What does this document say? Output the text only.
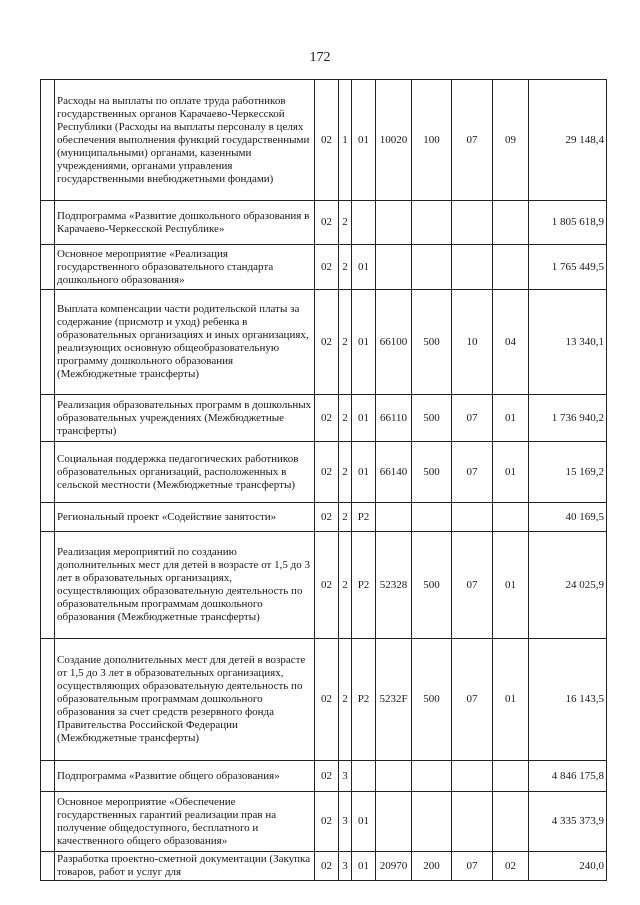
172
	Расходы на выплаты по оплате труда работников государственных органов Карачаево-Черкесской Республики (Расходы на выплаты персоналу в целях обеспечения выполнения функций государственными (муниципальными) органами, казенными учреждениями, органами управления государственными внебюджетными фондами)	02	1	01	10020	100	07	09	29 148,4
	Подпрограмма «Развитие дошкольного образования в Карачаево-Черкесской Республике»	02	2						1 805 618,9
	Основное мероприятие «Реализация государственного образовательного стандарта дошкольного образования»	02	2	01					1 765 449,5
	Выплата компенсации части родительской платы за содержание (присмотр и уход) ребенка в образовательных организациях и иных организациях, реализующих основную общеобразовательную программу дошкольного образования (Межбюджетные трансферты)	02	2	01	66100	500	10	04	13 340,1
	Реализация образовательных программ в дошкольных образовательных учреждениях (Межбюджетные трансферты)	02	2	01	66110	500	07	01	1 736 940,2
	Социальная поддержка педагогических работников образовательных организаций, расположенных в сельской местности (Межбюджетные трансферты)	02	2	01	66140	500	07	01	15 169,2
	Региональный проект «Содействие занятости»	02	2	P2					40 169,5
	Реализация мероприятий по созданию дополнительных мест для детей в возрасте от 1,5 до 3 лет в образовательных организациях, осуществляющих образовательную деятельность по образовательным программам дошкольного образования (Межбюджетные трансферты)	02	2	P2	52328	500	07	01	24 025,9
	Создание дополнительных мест для детей в возрасте от 1,5 до 3 лет в образовательных организациях, осуществляющих образовательную деятельность по образовательным программам дошкольного образования за счет средств резервного фонда Правительства Российской Федерации (Межбюджетные трансферты)	02	2	P2	5232F	500	07	01	16 143,5
	Подпрограмма «Развитие общего образования»	02	3						4 846 175,8
	Основное мероприятие «Обеспечение государственных гарантий реализации прав на получение общедоступного, бесплатного и качественного общего образования»	02	3	01					4 335 373,9
	Разработка проектно-сметной документации (Закупка товаров, работ и услуг для	02	3	01	20970	200	07	02	240,0
